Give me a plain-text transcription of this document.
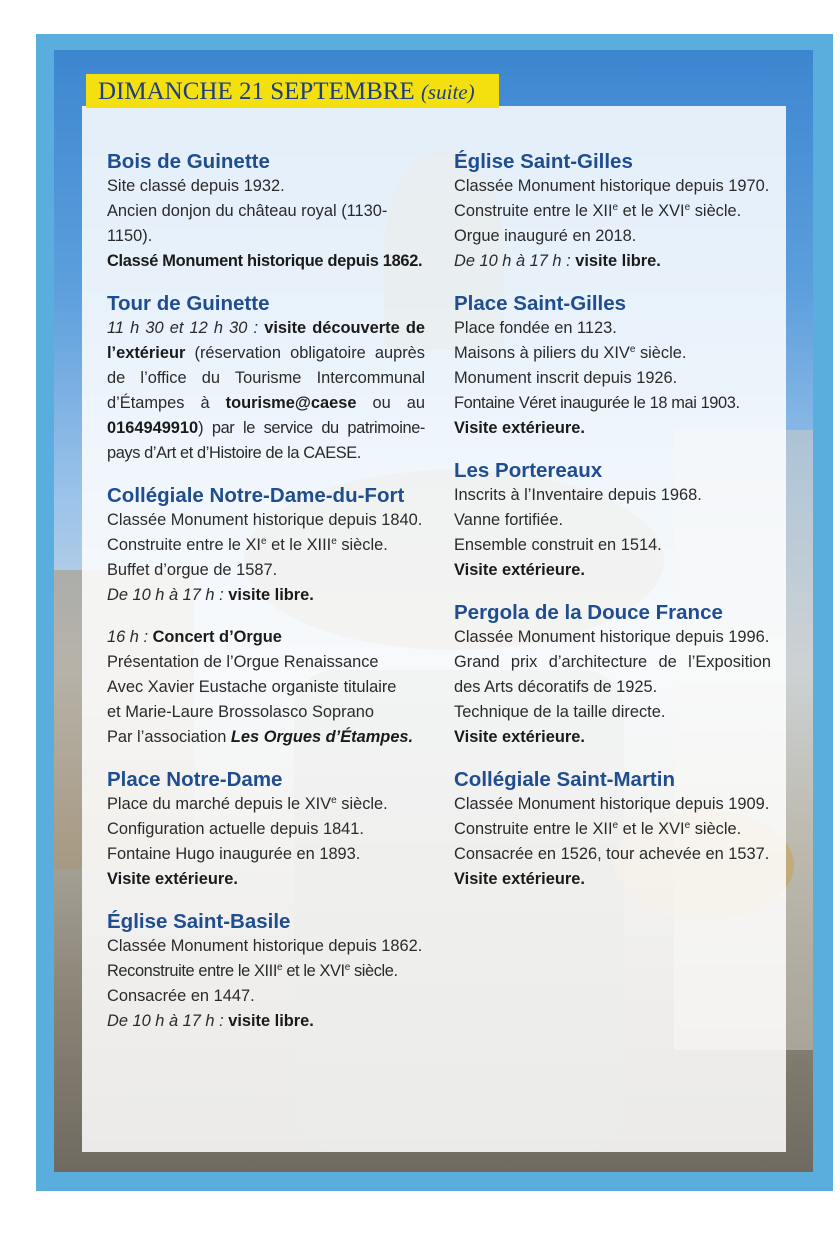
DIMANCHE 21 SEPTEMBRE (suite)
Bois de Guinette

Site classé depuis 1932.

Ancien donjon du château royal (1130-1150).

Classé Monument historique depuis 1862.

Tour de Guinette

11 h 30 et 12 h 30 : visite découverte de l’extérieur (réservation obligatoire auprès de l’office du Tourisme Intercommunal d’Étampes à tourisme@caese ou au 0164949910) par le service du patrimoine-pays d’Art et d’Histoire de la CAESE.

Collégiale Notre-Dame-du-Fort

Classée Monument historique depuis 1840.

Construite entre le XIe et le XIIIe siècle.

Buffet d’orgue de 1587.

De 10 h à 17 h : visite libre.

16 h : Concert d’Orgue

Présentation de l’Orgue Renaissance

Avec Xavier Eustache organiste titulaire

et Marie-Laure Brossolasco Soprano

Par l’association Les Orgues d’Étampes.

Place Notre-Dame

Place du marché depuis le XIVe siècle.

Configuration actuelle depuis 1841.

Fontaine Hugo inaugurée en 1893.

Visite extérieure.

Église Saint-Basile

Classée Monument historique depuis 1862.

Reconstruite entre le XIIIe et le XVIe siècle.

Consacrée en 1447.

De 10 h à 17 h : visite libre.

Église Saint-Gilles

Classée Monument historique depuis 1970.

Construite entre le XIIe et le XVIe siècle.

Orgue inauguré en 2018.

De 10 h à 17 h : visite libre.

Place Saint-Gilles

Place fondée en 1123.

Maisons à piliers du XIVe siècle.

Monument inscrit depuis 1926.

Fontaine Véret inaugurée le 18 mai 1903.

Visite extérieure.

Les Portereaux

Inscrits à l’Inventaire depuis 1968.

Vanne fortifiée.

Ensemble construit en 1514.

Visite extérieure.

Pergola de la Douce France

Classée Monument historique depuis 1996.

Grand prix d’architecture de l’Exposition des Arts décoratifs de 1925.

Technique de la taille directe.

Visite extérieure.

Collégiale Saint-Martin

Classée Monument historique depuis 1909.

Construite entre le XIIe et le XVIe siècle.

Consacrée en 1526, tour achevée en 1537.

Visite extérieure.
